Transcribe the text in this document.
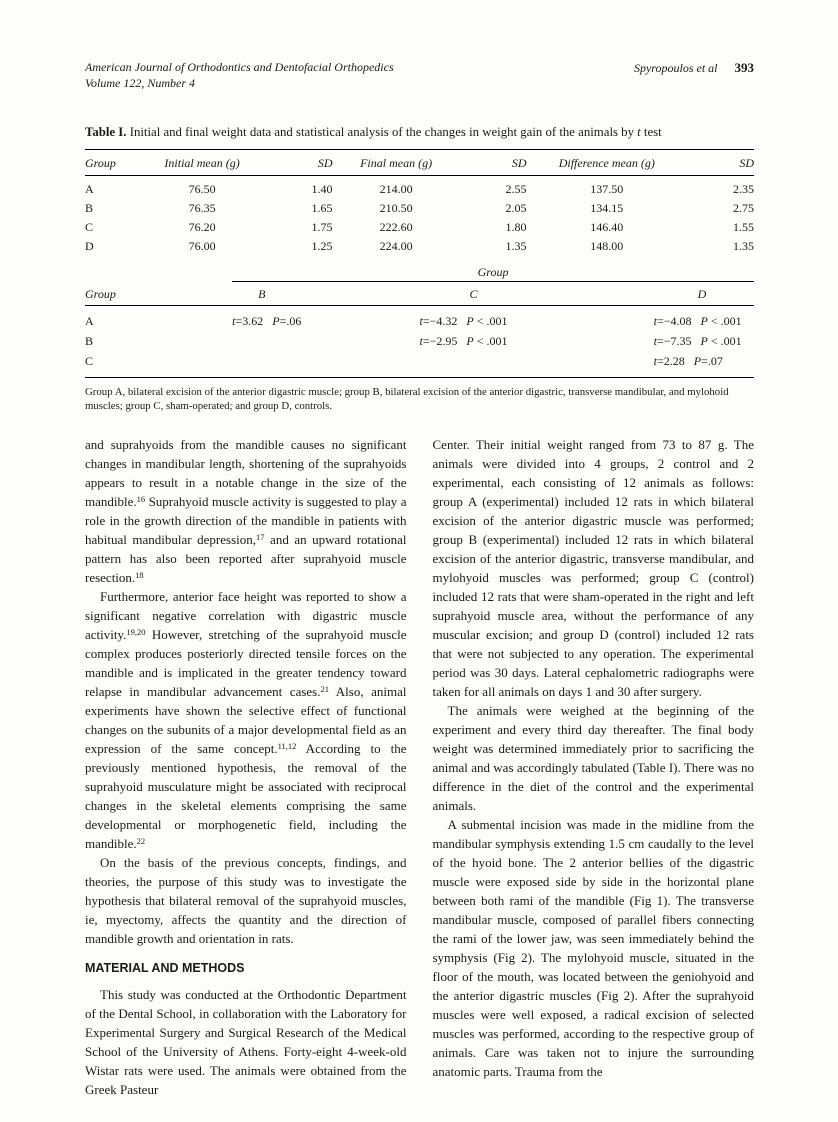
American Journal of Orthodontics and Dentofacial Orthopedics
Volume 122, Number 4
Spyropoulos et al 393
Table I. Initial and final weight data and statistical analysis of the changes in weight gain of the animals by t test
Group	Initial mean (g)	SD	Final mean (g)	SD	Difference mean (g)	SD
A	76.50	1.40	214.00	2.55	137.50	2.35
B	76.35	1.65	210.50	2.05	134.15	2.75
C	76.20	1.75	222.60	1.80	146.40	1.55
D	76.00	1.25	224.00	1.35	148.00	1.35
	Group		
Group	B	C	D
A	t=3.62 P=.06	t=−4.32 P < .001	t=−4.08 P < .001
B		t=−2.95 P < .001	t=−7.35 P < .001
C			t=2.28 P=.07
Group A, bilateral excision of the anterior digastric muscle; group B, bilateral excision of the anterior digastric, transverse mandibular, and mylohoid muscles; group C, sham-operated; and group D, controls.

and suprahyoids from the mandible causes no significant changes in mandibular length, shortening of the suprahyoids appears to result in a notable change in the size of the mandible.$^{16}$ Suprahyoid muscle activity is suggested to play a role in the growth direction of the mandible in patients with habitual mandibular depression,$^{17}$ and an upward rotational pattern has also been reported after suprahyoid muscle resection.$^{18}$

Furthermore, anterior face height was reported to show a significant negative correlation with digastric muscle activity.$^{19,20}$ However, stretching of the suprahyoid muscle complex produces posteriorly directed tensile forces on the mandible and is implicated in the greater tendency toward relapse in mandibular advancement cases.$^{21}$ Also, animal experiments have shown the selective effect of functional changes on the subunits of a major developmental field as an expression of the same concept.$^{11,12}$ According to the previously mentioned hypothesis, the removal of the suprahyoid musculature might be associated with reciprocal changes in the skeletal elements comprising the same developmental or morphogenetic field, including the mandible.$^{22}$

On the basis of the previous concepts, findings, and theories, the purpose of this study was to investigate the hypothesis that bilateral removal of the suprahyoid muscles, ie, myectomy, affects the quantity and the direction of mandible growth and orientation in rats.

MATERIAL AND METHODS

This study was conducted at the Orthodontic Department of the Dental School, in collaboration with the Laboratory for Experimental Surgery and Surgical Research of the Medical School of the University of Athens. Forty-eight 4-week-old Wistar rats were used. The animals were obtained from the Greek Pasteur

Center. Their initial weight ranged from 73 to 87 g. The animals were divided into 4 groups, 2 control and 2 experimental, each consisting of 12 animals as follows: group A (experimental) included 12 rats in which bilateral excision of the anterior digastric muscle was performed; group B (experimental) included 12 rats in which bilateral excision of the anterior digastric, transverse mandibular, and mylohyoid muscles was performed; group C (control) included 12 rats that were sham-operated in the right and left suprahyoid muscle area, without the performance of any muscular excision; and group D (control) included 12 rats that were not subjected to any operation. The experimental period was 30 days. Lateral cephalometric radiographs were taken for all animals on days 1 and 30 after surgery.

The animals were weighed at the beginning of the experiment and every third day thereafter. The final body weight was determined immediately prior to sacrificing the animal and was accordingly tabulated (Table I). There was no difference in the diet of the control and the experimental animals.

A submental incision was made in the midline from the mandibular symphysis extending 1.5 cm caudally to the level of the hyoid bone. The 2 anterior bellies of the digastric muscle were exposed side by side in the horizontal plane between both rami of the mandible (Fig 1). The transverse mandibular muscle, composed of parallel fibers connecting the rami of the lower jaw, was seen immediately behind the symphysis (Fig 2). The mylohyoid muscle, situated in the floor of the mouth, was located between the geniohyoid and the anterior digastric muscles (Fig 2). After the suprahyoid muscles were well exposed, a radical excision of selected muscles was performed, according to the respective group of animals. Care was taken not to injure the surrounding anatomic parts. Trauma from the
